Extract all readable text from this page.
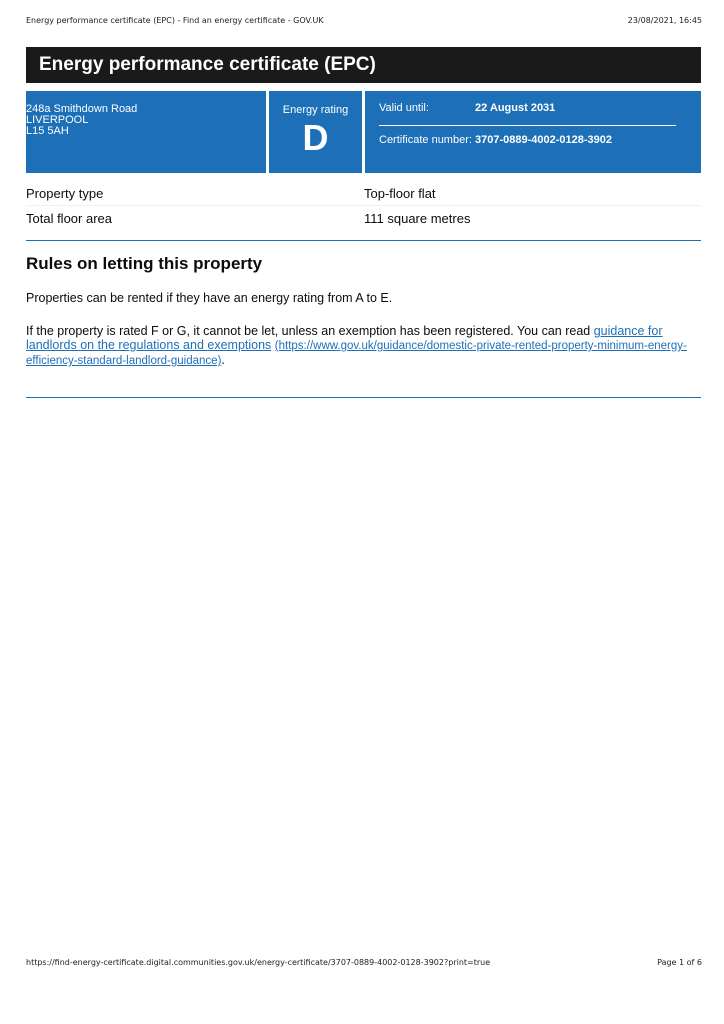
Energy performance certificate (EPC) - Find an energy certificate - GOV.UK	23/08/2021, 16:45
Energy performance certificate (EPC)
248a Smithdown Road
LIVERPOOL
L15 5AH
Energy rating
D
Valid until:	22 August 2031
Certificate number: 3707-0889-4002-0128-3902
Property type	Top-floor flat
Total floor area	111 square metres
Rules on letting this property
Properties can be rented if they have an energy rating from A to E.
If the property is rated F or G, it cannot be let, unless an exemption has been registered. You can read guidance for landlords on the regulations and exemptions (https://www.gov.uk/guidance/domestic-private-rented-property-minimum-energy-efficiency-standard-landlord-guidance).
https://find-energy-certificate.digital.communities.gov.uk/energy-certificate/3707-0889-4002-0128-3902?print=true	Page 1 of 6
